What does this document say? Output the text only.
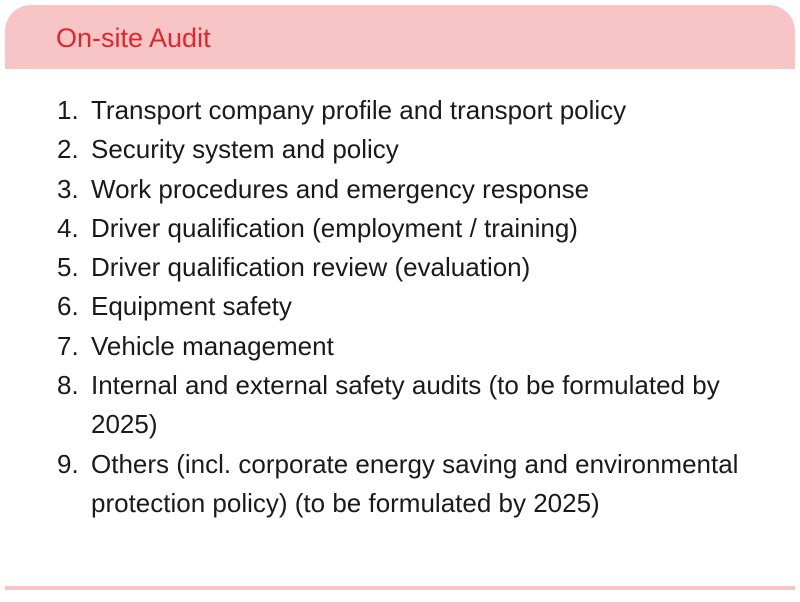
On-site Audit
1. Transport company profile and transport policy
2. Security system and policy
3. Work procedures and emergency response
4. Driver qualification (employment / training)
5. Driver qualification review (evaluation)
6. Equipment safety
7. Vehicle management
8. Internal and external safety audits (to be formulated by 2025)
9. Others (incl. corporate energy saving and environmental protection policy) (to be formulated by 2025)
